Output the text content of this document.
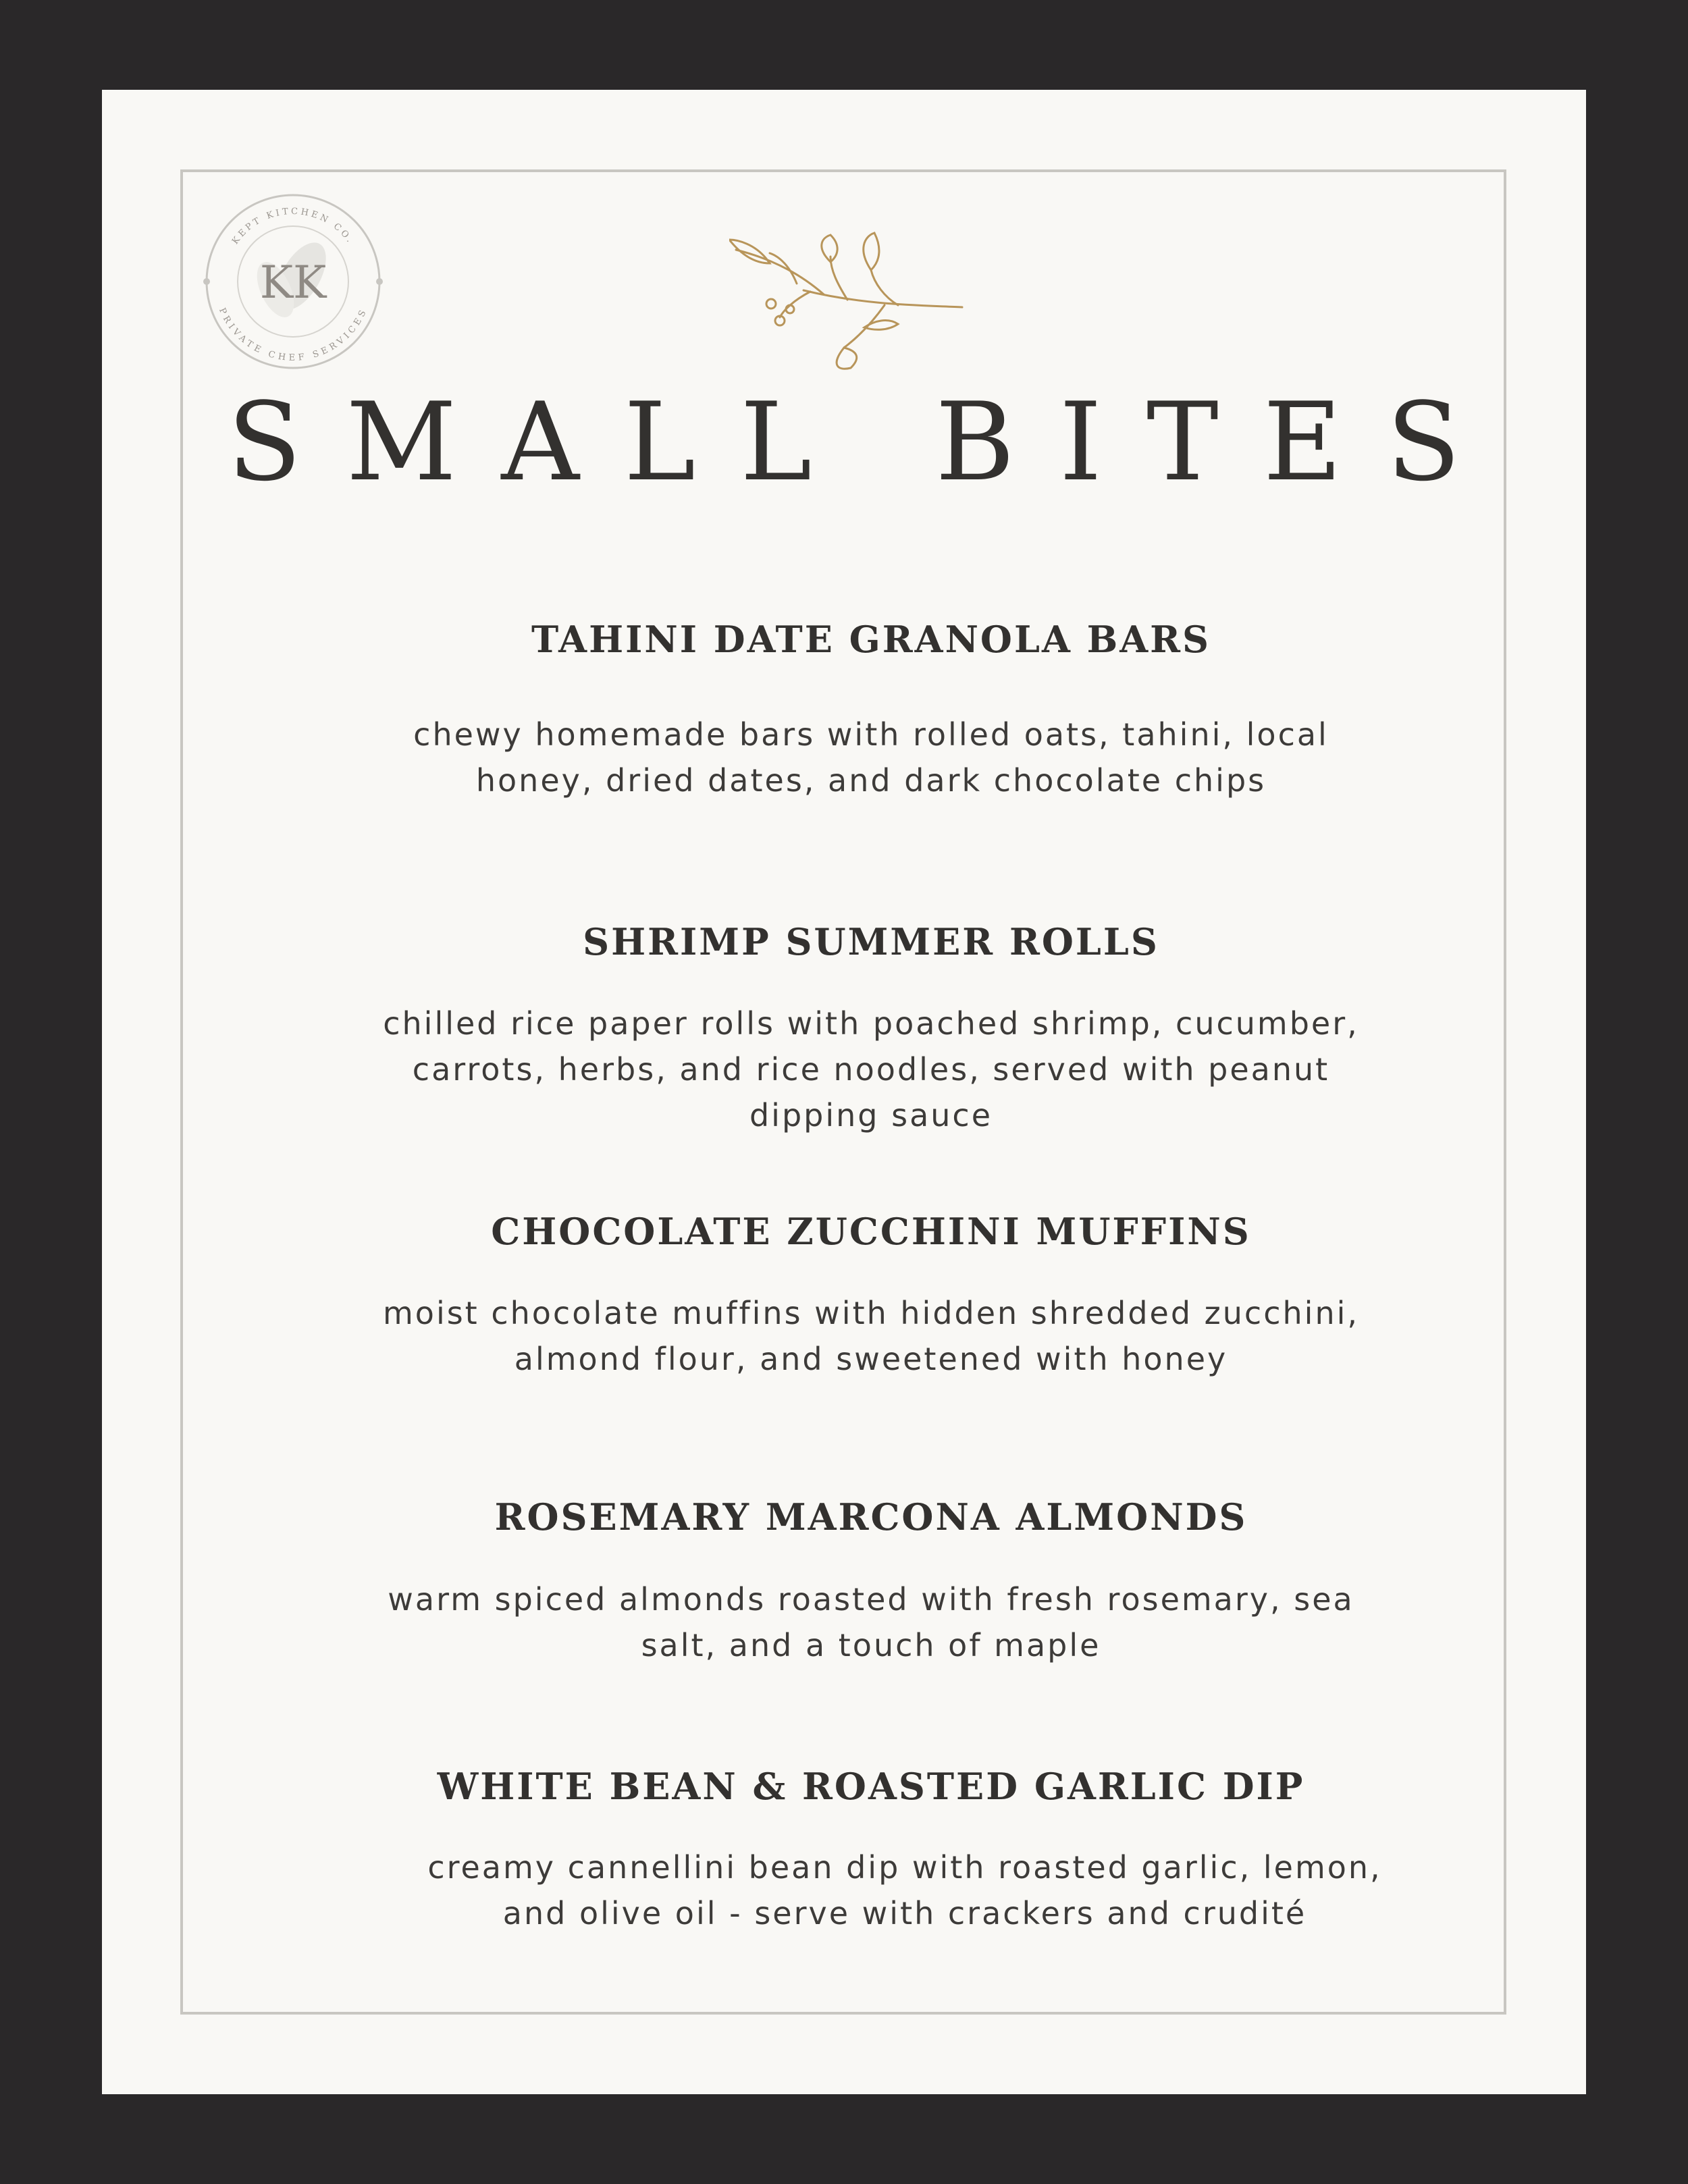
KK
KEPT KITCHEN CO.
PRIVATE CHEF SERVICES
SMALL BITES
TAHINI DATE GRANOLA BARS

chewy homemade bars with rolled oats, tahini, local honey, dried dates, and dark chocolate chips

SHRIMP SUMMER ROLLS

chilled rice paper rolls with poached shrimp, cucumber, carrots, herbs, and rice noodles, served with peanut dipping sauce

CHOCOLATE ZUCCHINI MUFFINS

moist chocolate muffins with hidden shredded zucchini, almond flour, and sweetened with honey

ROSEMARY MARCONA ALMONDS

warm spiced almonds roasted with fresh rosemary, sea salt, and a touch of maple

WHITE BEAN & ROASTED GARLIC DIP

creamy cannellini bean dip with roasted garlic, lemon, and olive oil - serve with crackers and crudité
